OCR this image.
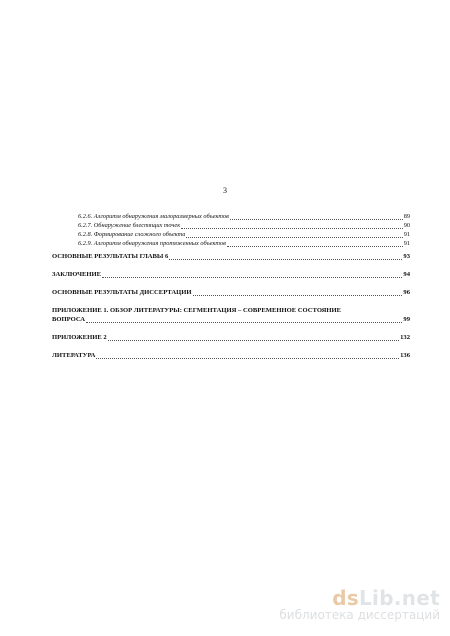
3
6.2.6. Алгоритм обнаружения малоразмерных объектов	89
6.2.7. Обнаружение блестящих точек	90
6.2.8. Формирование сложного объекта	91
6.2.9. Алгоритм обнаружения протяженных объектов	91
ОСНОВНЫЕ РЕЗУЛЬТАТЫ ГЛАВЫ 6	93
ЗАКЛЮЧЕНИЕ	94
ОСНОВНЫЕ РЕЗУЛЬТАТЫ ДИССЕРТАЦИИ	96
ПРИЛОЖЕНИЕ 1. ОБЗОР ЛИТЕРАТУРЫ: СЕГМЕНТАЦИЯ – СОВРЕМЕННОЕ СОСТОЯНИЕ
ВОПРОСА	99
ПРИЛОЖЕНИЕ 2	132
ЛИТЕРАТУРА	136
dsLib.net
библиотека диссертаций
